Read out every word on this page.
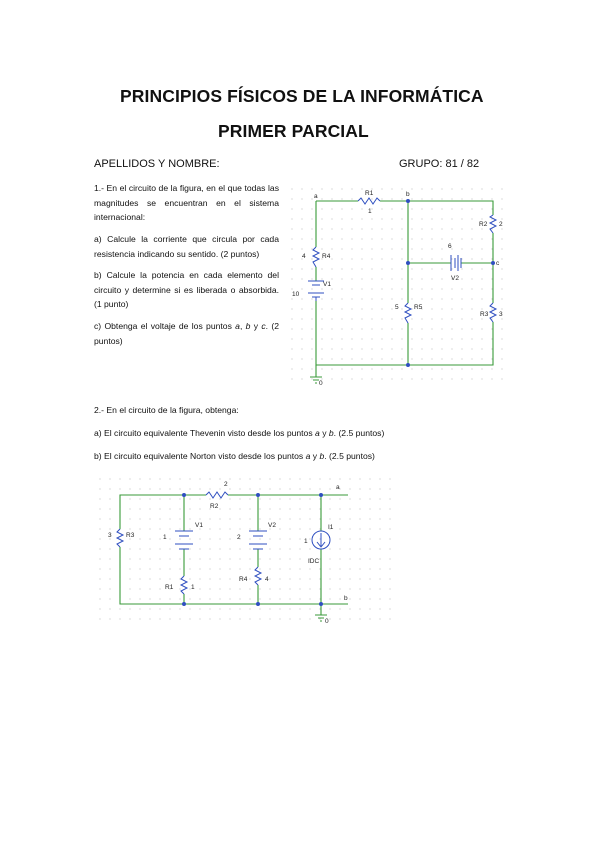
PRINCIPIOS FÍSICOS DE LA INFORMÁTICA
PRIMER PARCIAL
APELLIDOS Y NOMBRE:	GRUPO: 81 / 82
1.- En el circuito de la figura, en el que todas las magnitudes se encuentran en el sistema internacional:
a) Calcule la corriente que circula por cada resistencia indicando su sentido. (2 puntos)
b) Calcule la potencia en cada elemento del circuito y determine si es liberada o absorbida. (1 punto)
c) Obtenga el voltaje de los puntos a, b y c. (2 puntos)
a	b
c
R1
1
R2 2
R4
4
V1
10
V2
6
R5
5
R3 3
0
2.- En el circuito de la figura, obtenga:
a) El circuito equivalente Thevenin visto desde los puntos a y b. (2.5 puntos)
b) El circuito equivalente Norton visto desde los puntos a y b. (2.5 puntos)
a
b
R3
3
R2
2
V1
1
V2
2
I1
1
IDC
R1	1
R4	4
0
